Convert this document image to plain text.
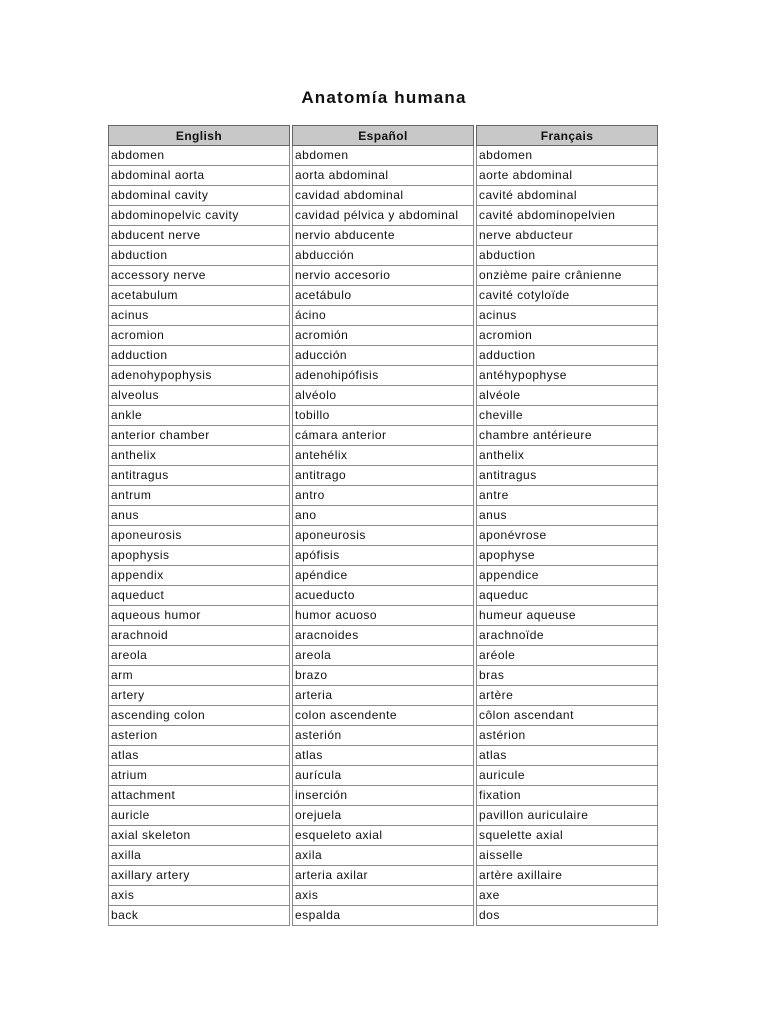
Anatomía humana
English	Español	Français
abdomen	abdomen	abdomen
abdominal aorta	aorta abdominal	aorte abdominal
abdominal cavity	cavidad abdominal	cavité abdominal
abdominopelvic cavity	cavidad pélvica y abdominal	cavité abdominopelvien
abducent nerve	nervio abducente	nerve abducteur
abduction	abducción	abduction
accessory nerve	nervio accesorio	onzième paire crânienne
acetabulum	acetábulo	cavité cotyloïde
acinus	ácino	acinus
acromion	acromión	acromion
adduction	aducción	adduction
adenohypophysis	adenohipófisis	antéhypophyse
alveolus	alvéolo	alvéole
ankle	tobillo	cheville
anterior chamber	cámara anterior	chambre antérieure
anthelix	antehélix	anthelix
antitragus	antitrago	antitragus
antrum	antro	antre
anus	ano	anus
aponeurosis	aponeurosis	aponévrose
apophysis	apófisis	apophyse
appendix	apéndice	appendice
aqueduct	acueducto	aqueduc
aqueous humor	humor acuoso	humeur aqueuse
arachnoid	aracnoides	arachnoïde
areola	areola	aréole
arm	brazo	bras
artery	arteria	artère
ascending colon	colon ascendente	côlon ascendant
asterion	asterión	astérion
atlas	atlas	atlas
atrium	aurícula	auricule
attachment	inserción	fixation
auricle	orejuela	pavillon auriculaire
axial skeleton	esqueleto axial	squelette axial
axilla	axila	aisselle
axillary artery	arteria axilar	artère axillaire
axis	axis	axe
back	espalda	dos
